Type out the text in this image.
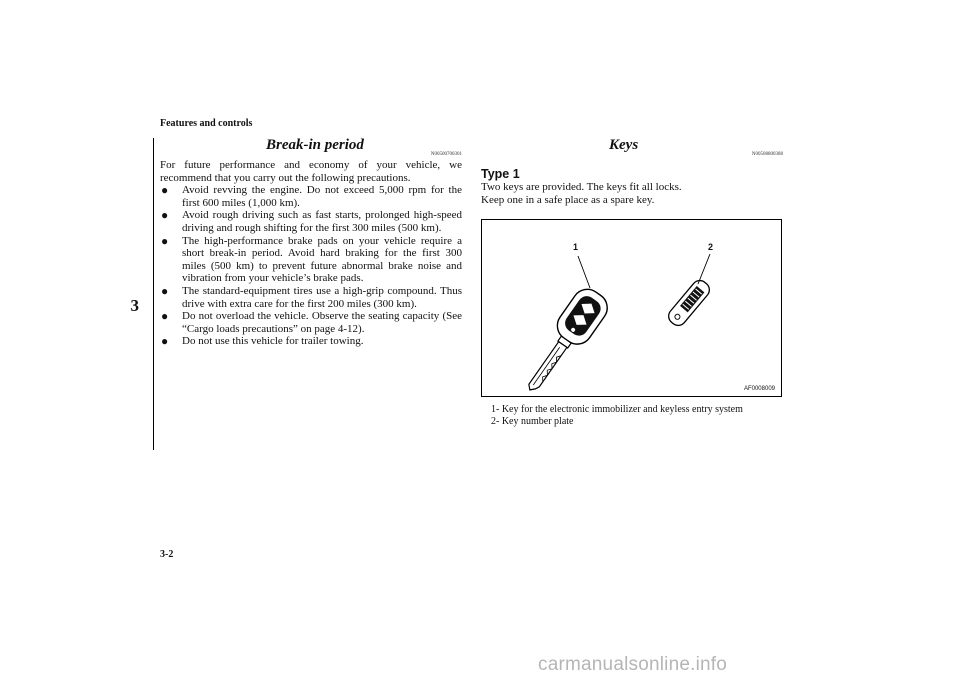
Features and controls
3
Break-in period
N00500700301
For future performance and economy of your vehicle, we recommend that you carry out the following precautions.
● Avoid revving the engine. Do not exceed 5,000 rpm for the first 600 miles (1,000 km).
● Avoid rough driving such as fast starts, prolonged high-speed driving and rough shifting for the first 300 miles (500 km).
● The high-performance brake pads on your vehicle require a short break-in period. Avoid hard braking for the first 300 miles (500 km) to prevent future abnormal brake noise and vibration from your vehicle’s brake pads.
● The standard-equipment tires use a high-grip compound. Thus drive with extra care for the first 200 miles (300 km).
● Do not overload the vehicle. Observe the seating capacity (See “Cargo loads precautions” on page 4-12).
● Do not use this vehicle for trailer towing.
Keys
N00508800388
Type 1
Two keys are provided. The keys fit all locks.
Keep one in a safe place as a spare key.
1	2
AF0008009
1- Key for the electronic immobilizer and keyless entry system
2- Key number plate
3-2
carmanualsonline.info
